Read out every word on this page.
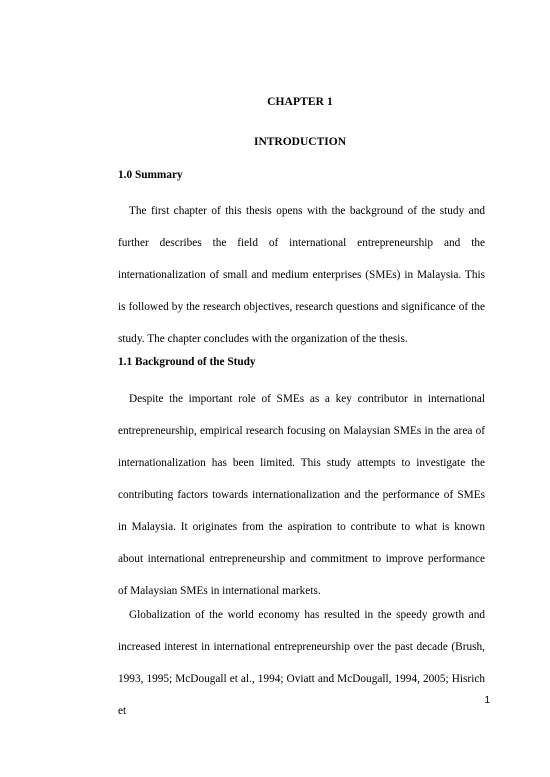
CHAPTER 1
INTRODUCTION
1.0 Summary

The first chapter of this thesis opens with the background of the study and further describes the field of international entrepreneurship and the internationalization of small and medium enterprises (SMEs) in Malaysia. This is followed by the research objectives, research questions and significance of the study. The chapter concludes with the organization of the thesis.

1.1 Background of the Study

Despite the important role of SMEs as a key contributor in international entrepreneurship, empirical research focusing on Malaysian SMEs in the area of internationalization has been limited. This study attempts to investigate the contributing factors towards internationalization and the performance of SMEs in Malaysia. It originates from the aspiration to contribute to what is known about international entrepreneurship and commitment to improve performance of Malaysian SMEs in international markets.

Globalization of the world economy has resulted in the speedy growth and increased interest in international entrepreneurship over the past decade (Brush, 1993, 1995; McDougall et al., 1994; Oviatt and McDougall, 1994, 2005; Hisrich et

1
